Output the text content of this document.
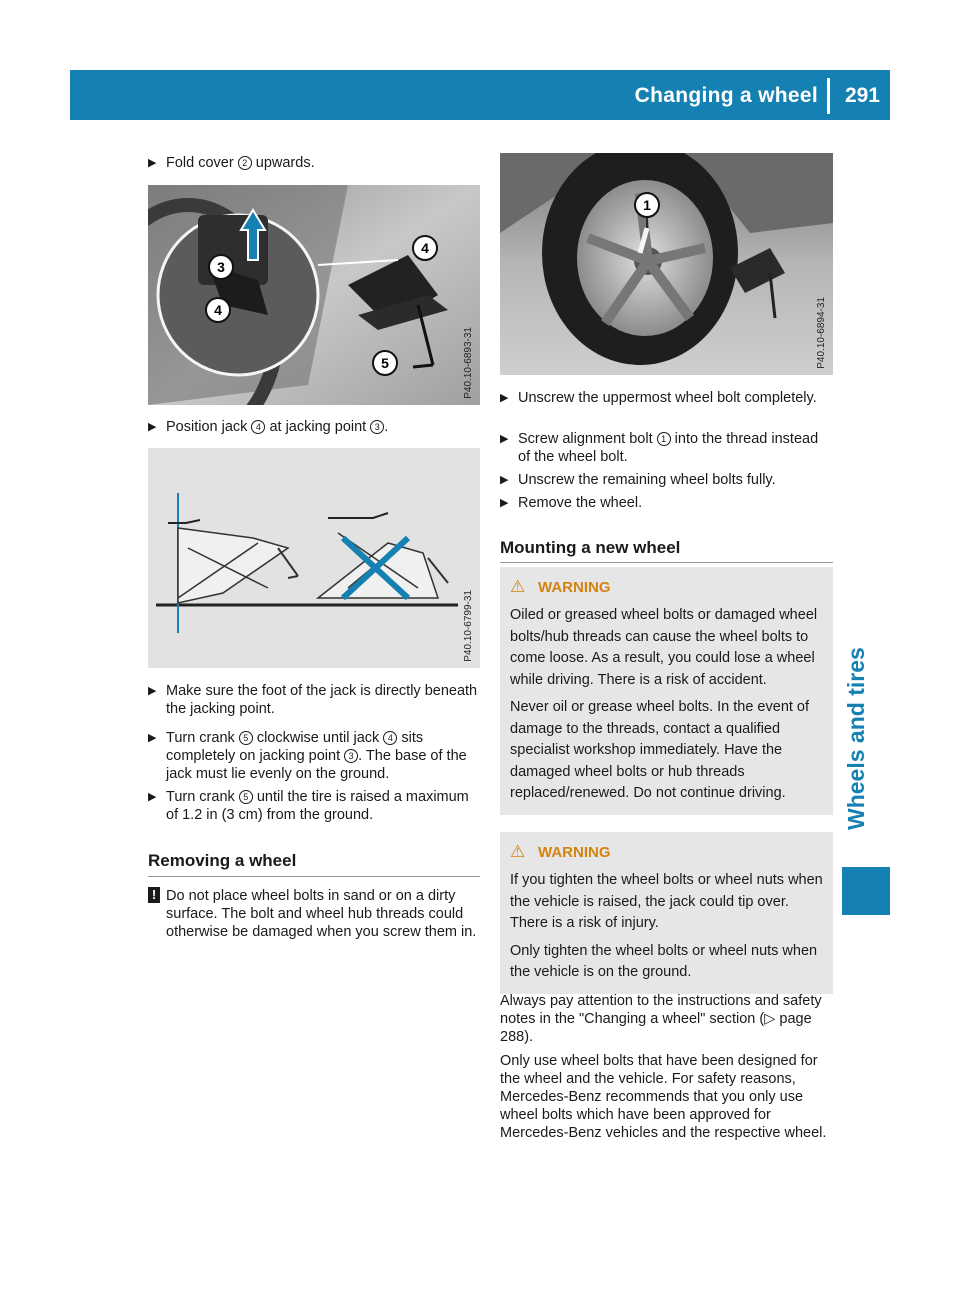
Changing a wheel 291
Wheels and tires
▶ Fold cover 2 upwards.
3
4
4
5	P40.10-6893-31
▶ Position jack 4 at jacking point 3 .
P40.10-6799-31
▶ Make sure the foot of the jack is directly beneath the jacking point.
▶ Turn crank 5 clockwise until jack 4 sits completely on jacking point 3 . The base of the jack must lie evenly on the ground.
▶ Turn crank 5 until the tire is raised a maximum of 1.2 in (3 cm) from the ground.
Removing a wheel
! Do not place wheel bolts in sand or on a dirty surface. The bolt and wheel hub threads could otherwise be damaged when you screw them in.
1
P40.10-6894-31
▶ Unscrew the uppermost wheel bolt completely.
▶ Screw alignment bolt 1 into the thread instead of the wheel bolt.
▶ Unscrew the remaining wheel bolts fully.
▶ Remove the wheel.
Mounting a new wheel
⚠ WARNING

Oiled or greased wheel bolts or damaged wheel bolts/hub threads can cause the wheel bolts to come loose. As a result, you could lose a wheel while driving. There is a risk of accident.

Never oil or grease wheel bolts. In the event of damage to the threads, contact a qualified specialist workshop immediately. Have the damaged wheel bolts or hub threads replaced/renewed. Do not continue driving.

⚠ WARNING

If you tighten the wheel bolts or wheel nuts when the vehicle is raised, the jack could tip over. There is a risk of injury.

Only tighten the wheel bolts or wheel nuts when the vehicle is on the ground.

Always pay attention to the instructions and safety notes in the "Changing a wheel" section (▷ page 288).
Only use wheel bolts that have been designed for the wheel and the vehicle. For safety reasons, Mercedes-Benz recommends that you only use wheel bolts which have been approved for Mercedes-Benz vehicles and the respective wheel.
